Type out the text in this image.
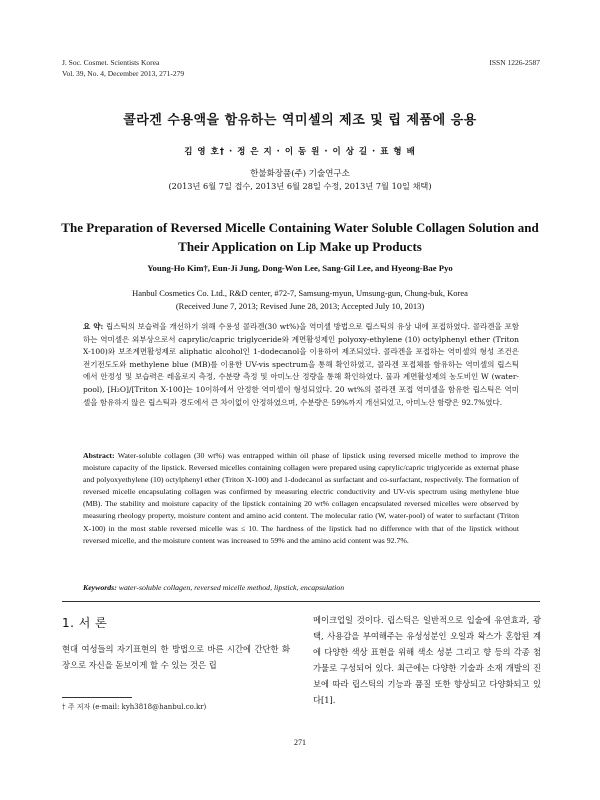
J. Soc. Cosmet. Scientists Korea
Vol. 39, No. 4, December 2013, 271-279
ISSN 1226-2587
콜라겐 수용액을 함유하는 역미셀의 제조 및 립 제품에 응용
김 영 호† · 정 은 지 · 이 동 원 · 이 상 길 · 표 형 배
한불화장품(주) 기술연구소
(2013년 6월 7일 접수, 2013년 6월 28일 수정, 2013년 7월 10일 채택)
The Preparation of Reversed Micelle Containing Water Soluble Collagen Solution and Their Application on Lip Make up Products
Young-Ho Kim†, Eun-Ji Jung, Dong-Won Lee, Sang-Gil Lee, and Hyeong-Bae Pyo
Hanbul Cosmetics Co. Ltd., R&D center, #72-7, Samsung-myun, Umsung-gun, Chung-buk, Korea
(Received June 7, 2013; Revised June 28, 2013; Accepted July 10, 2013)
요 약: 립스틱의 보습력을 개선하기 위해 수용성 콜라겐(30 wt%)을 역미셀 방법으로 립스틱의 유상 내에 포접하였다. 콜라겐을 포함하는 역미셀은 외부상으로서 caprylic/capric triglyceride와 계면활성제인 polyoxy-ethylene (10) octylphenyl ether (Triton X-100)와 보조계면활성제로 aliphatic alcohol인 1-dodecanol을 이용하여 제조되었다. 콜라겐을 포접하는 역미셀의 형성 조건은 전기전도도와 methylene blue (MB)를 이용한 UV-vis spectrum을 통해 확인하였고, 콜라겐 포접체를 함유하는 역미셀의 립스틱에서 안정성 및 보습력은 레올로지 측정, 수분량 측정 및 아미노산 정량을 통해 확인하였다. 물과 계면활성제의 농도비인 W (water-pool), [H₂O]/[Triton X-100]는 10이하에서 안정한 역미셀이 형성되었다. 20 wt%의 콜라겐 포접 역미셀을 함유한 립스틱은 역미셀을 함유하지 않은 립스틱과 경도에서 큰 차이없이 안정하였으며, 수분량은 59%까지 개선되었고, 아미노산 함량은 92.7%였다.
Abstract: Water-soluble collagen (30 wt%) was entrapped within oil phase of lipstick using reversed micelle method to improve the moisture capacity of the lipstick. Reversed micelles containing collagen were prepared using caprylic/capric triglyceride as external phase and polyoxyethylene (10) octylphenyl ether (Triton X-100) and 1-dodecanol as surfactant and co-surfactant, respectively. The formation of reversed micelle encapsulating collagen was confirmed by measuring electric conductivity and UV-vis spectrum using methylene blue (MB). The stability and moisture capacity of the lipstick containing 20 wt% collagen encapsulated reversed micelles were observed by measuring rheology property, moisture content and amino acid content. The molecular ratio (W, water-pool) of water to surfactant (Triton X-100) in the most stable reversed micelle was ≤ 10. The hardness of the lipstick had no difference with that of the lipstick without reversed micelle, and the moisture content was increased to 59% and the amino acid content was 92.7%.
Keywords: water-soluble collagen, reversed micelle method, lipstick, encapsulation
1. 서 론
현대 여성들의 자기표현의 한 방법으로 바른 시간에 간단한 화장으로 자신을 돋보이게 할 수 있는 것은 립
메이크업일 것이다. 립스틱은 일반적으로 입술에 유연효과, 광택, 사용감을 부여해주는 유성성분인 오일과 왁스가 혼합된 계에 다양한 색상 표현을 위해 색소 성분 그리고 향 등의 각종 첨가물로 구성되어 있다. 최근에는 다양한 기술과 소재 개발의 진보에 따라 립스틱의 기능과 품질 또한 향상되고 다양화되고 있다[1].
† 주 저자 (e-mail: kyh3818@hanbul.co.kr)
271
